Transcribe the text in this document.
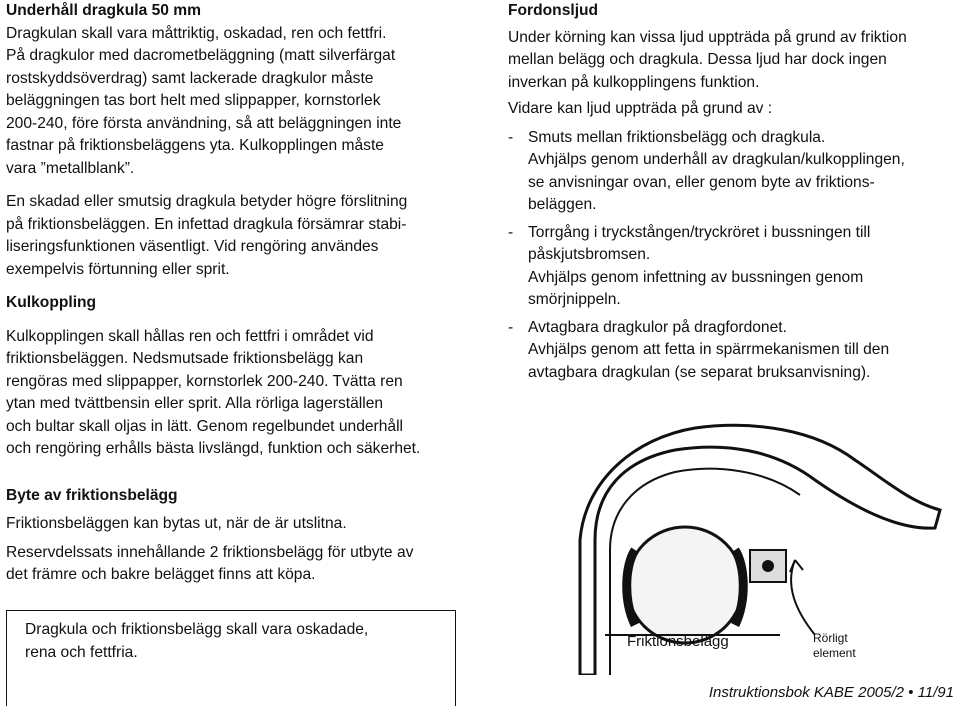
Underhåll dragkula 50 mm

Dragkulan skall vara måttriktig, oskadad, ren och fettfri.

På dragkulor med dacrometbeläggning (matt silverfärgat

rostskyddsöverdrag) samt lackerade dragkulor måste

beläggningen tas bort helt med slippapper, kornstorlek

200-240, före första användning, så att beläggningen inte

fastnar på friktionsbeläggens yta. Kulkopplingen måste

vara ”metallblank”.

En skadad eller smutsig dragkula betyder högre förslitning

på friktionsbeläggen. En infettad dragkula försämrar stabi-

liseringsfunktionen väsentligt. Vid rengöring användes

exempelvis förtunning eller sprit.

Kulkoppling

Kulkopplingen skall hållas ren och fettfri i området vid

friktionsbeläggen. Nedsmutsade friktionsbelägg kan

rengöras med slippapper, kornstorlek 200-240. Tvätta ren

ytan med tvättbensin eller sprit. Alla rörliga lagerställen

och bultar skall oljas in lätt. Genom regelbundet underhåll

och rengöring erhålls bästa livslängd, funktion och säkerhet.

Byte av friktionsbelägg

Friktionsbeläggen kan bytas ut, när de är utslitna.

Reservdelssats innehållande 2 friktionsbelägg för utbyte av

det främre och bakre belägget finns att köpa.

Dragkula och friktionsbelägg skall vara oskadade,

rena och fettfria.

Fordonsljud

Under körning kan vissa ljud uppträda på grund av friktion

mellan belägg och dragkula. Dessa ljud har dock ingen

inverkan på kulkopplingens funktion.

Vidare kan ljud uppträda på grund av :

- Smuts mellan friktionsbelägg och dragkula.
Avhjälps genom underhåll av dragkulan/kulkopplingen,
se anvisningar ovan, eller genom byte av friktions-
beläggen.
- Torrgång i tryckstången/tryckröret i bussningen till
påskjutsbromsen.
Avhjälps genom infettning av bussningen genom
smörjnippeln.
- Avtagbara dragkulor på dragfordonet.
Avhjälps genom att fetta in spärrmekanismen till den
avtagbara dragkulan (se separat bruksanvisning).
Friktionsbelägg	Rörligt
element
Instruktionsbok KABE 2005/2 • 11/91
